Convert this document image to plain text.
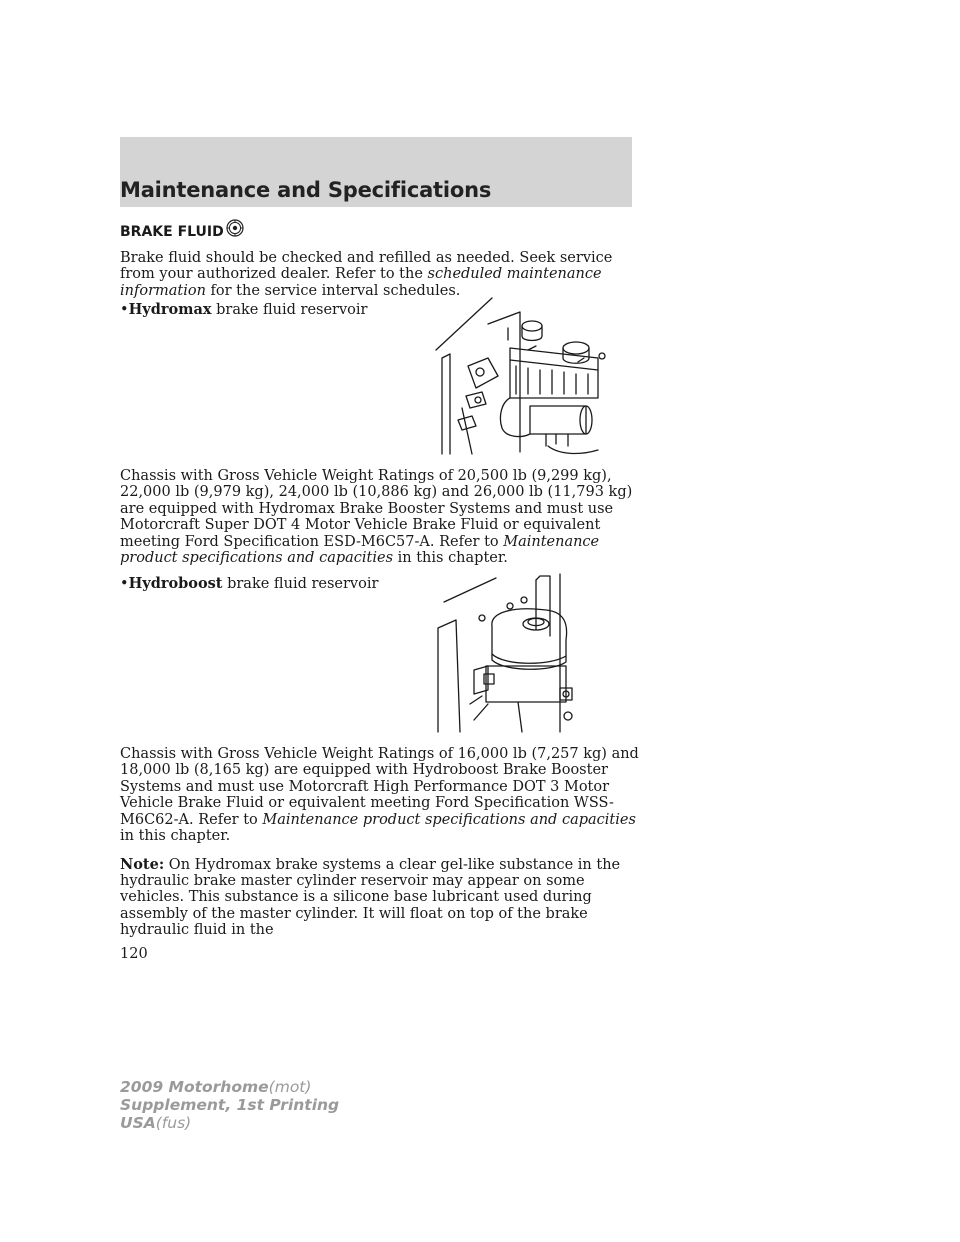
Maintenance and Specifications
BRAKE FLUID

Brake fluid should be checked and refilled as needed. Seek service from your authorized dealer. Refer to the scheduled maintenance information for the service interval schedules.

•Hydromax brake fluid reservoir

Chassis with Gross Vehicle Weight Ratings of 20,500 lb (9,299 kg), 22,000 lb (9,979 kg), 24,000 lb (10,886 kg) and 26,000 lb (11,793 kg) are equipped with Hydromax Brake Booster Systems and must use Motorcraft Super DOT 4 Motor Vehicle Brake Fluid or equivalent meeting Ford Specification ESD-M6C57-A. Refer to Maintenance product specifications and capacities in this chapter.

•Hydroboost brake fluid reservoir

Chassis with Gross Vehicle Weight Ratings of 16,000 lb (7,257 kg) and 18,000 lb (8,165 kg) are equipped with Hydroboost Brake Booster Systems and must use Motorcraft High Performance DOT 3 Motor Vehicle Brake Fluid or equivalent meeting Ford Specification WSS-M6C62-A. Refer to Maintenance product specifications and capacities in this chapter.

Note: On Hydromax brake systems a clear gel-like substance in the hydraulic brake master cylinder reservoir may appear on some vehicles. This substance is a silicone base lubricant used during assembly of the master cylinder. It will float on top of the brake hydraulic fluid in the

120
2009 Motorhome(mot)
Supplement, 1st Printing
USA(fus)
